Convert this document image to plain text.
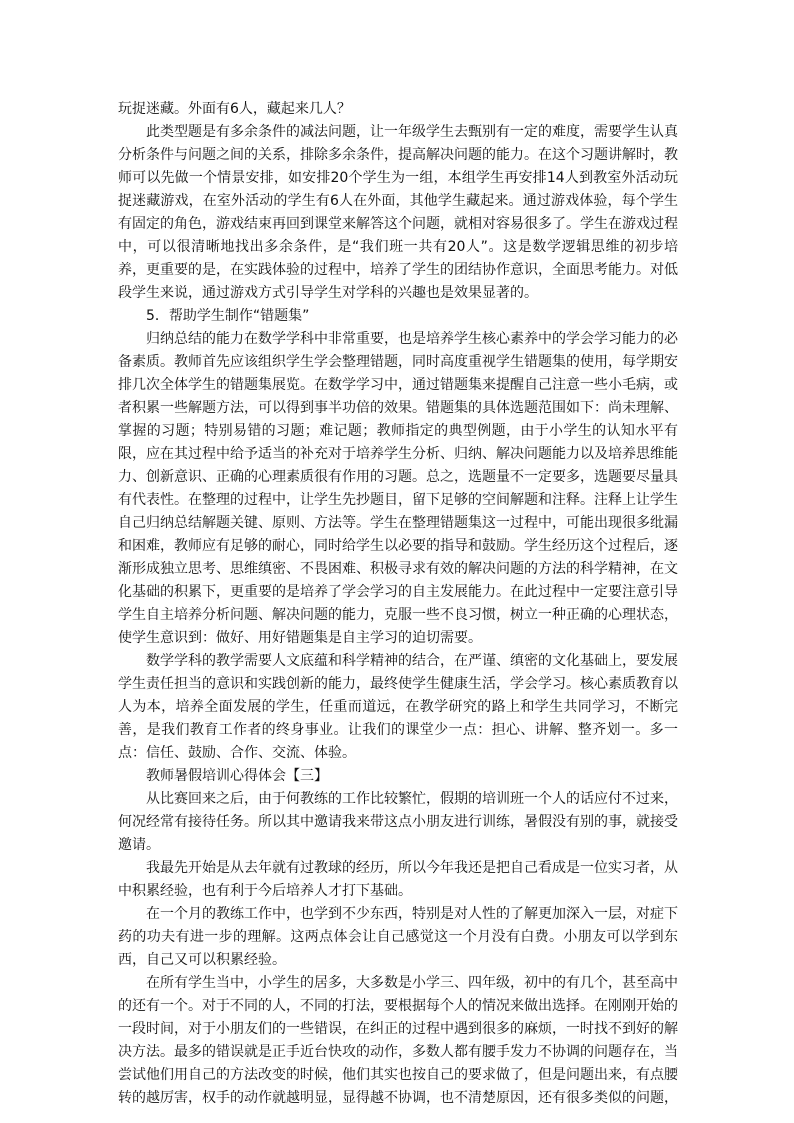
玩捉迷藏。外面有6人，藏起来几人？

此类型题是有多余条件的减法问题，让一年级学生去甄别有一定的难度，需要学生认真分析条件与问题之间的关系，排除多余条件，提高解决问题的能力。在这个习题讲解时，教师可以先做一个情景安排，如安排20个学生为一组，本组学生再安排14人到教室外活动玩捉迷藏游戏，在室外活动的学生有6人在外面，其他学生藏起来。通过游戏体验，每个学生有固定的角色，游戏结束再回到课堂来解答这个问题，就相对容易很多了。学生在游戏过程中，可以很清晰地找出多余条件，是“我们班一共有20人”。这是数学逻辑思维的初步培养，更重要的是，在实践体验的过程中，培养了学生的团结协作意识，全面思考能力。对低段学生来说，通过游戏方式引导学生对学科的兴趣也是效果显著的。

5．帮助学生制作“错题集”

归纳总结的能力在数学学科中非常重要，也是培养学生核心素养中的学会学习能力的必备素质。教师首先应该组织学生学会整理错题，同时高度重视学生错题集的使用，每学期安排几次全体学生的错题集展览。在数学学习中，通过错题集来提醒自己注意一些小毛病，或者积累一些解题方法，可以得到事半功倍的效果。错题集的具体选题范围如下：尚未理解、掌握的习题；特别易错的习题；难记题；教师指定的典型例题，由于小学生的认知水平有限，应在其过程中给予适当的补充对于培养学生分析、归纳、解决问题能力以及培养思维能力、创新意识、正确的心理素质很有作用的习题。总之，选题量不一定要多，选题要尽量具有代表性。在整理的过程中，让学生先抄题目，留下足够的空间解题和注释。注释上让学生自己归纳总结解题关键、原则、方法等。学生在整理错题集这一过程中，可能出现很多纰漏和困难，教师应有足够的耐心，同时给学生以必要的指导和鼓励。学生经历这个过程后，逐渐形成独立思考、思维缜密、不畏困难、积极寻求有效的解决问题的方法的科学精神，在文化基础的积累下，更重要的是培养了学会学习的自主发展能力。在此过程中一定要注意引导学生自主培养分析问题、解决问题的能力，克服一些不良习惯，树立一种正确的心理状态，使学生意识到：做好、用好错题集是自主学习的迫切需要。

数学学科的教学需要人文底蕴和科学精神的结合，在严谨、缜密的文化基础上，要发展学生责任担当的意识和实践创新的能力，最终使学生健康生活，学会学习。核心素质教育以人为本，培养全面发展的学生，任重而道远，在教学研究的路上和学生共同学习，不断完善，是我们教育工作者的终身事业。让我们的课堂少一点：担心、讲解、整齐划一。多一点：信任、鼓励、合作、交流、体验。

教师暑假培训心得体会【三】

从比赛回来之后，由于何教练的工作比较繁忙，假期的培训班一个人的话应付不过来，何况经常有接待任务。所以其中邀请我来带这点小朋友进行训练，暑假没有别的事，就接受邀请。

我最先开始是从去年就有过教球的经历，所以今年我还是把自己看成是一位实习者，从中积累经验，也有利于今后培养人才打下基础。

在一个月的教练工作中，也学到不少东西，特别是对人性的了解更加深入一层，对症下药的功夫有进一步的理解。这两点体会让自己感觉这一个月没有白费。小朋友可以学到东西，自己又可以积累经验。

在所有学生当中，小学生的居多，大多数是小学三、四年级，初中的有几个，甚至高中的还有一个。对于不同的人，不同的打法，要根据每个人的情况来做出选择。在刚刚开始的一段时间，对于小朋友们的一些错误，在纠正的过程中遇到很多的麻烦，一时找不到好的解决方法。最多的错误就是正手近台快攻的动作，多数人都有腰手发力不协调的问题存在，当尝试他们用自己的方法改变的时候，他们其实也按自己的要求做了，但是问题出来，有点腰转的越厉害，权手的动作就越明显，显得越不协调，也不清楚原因，还有很多类似的问题，
